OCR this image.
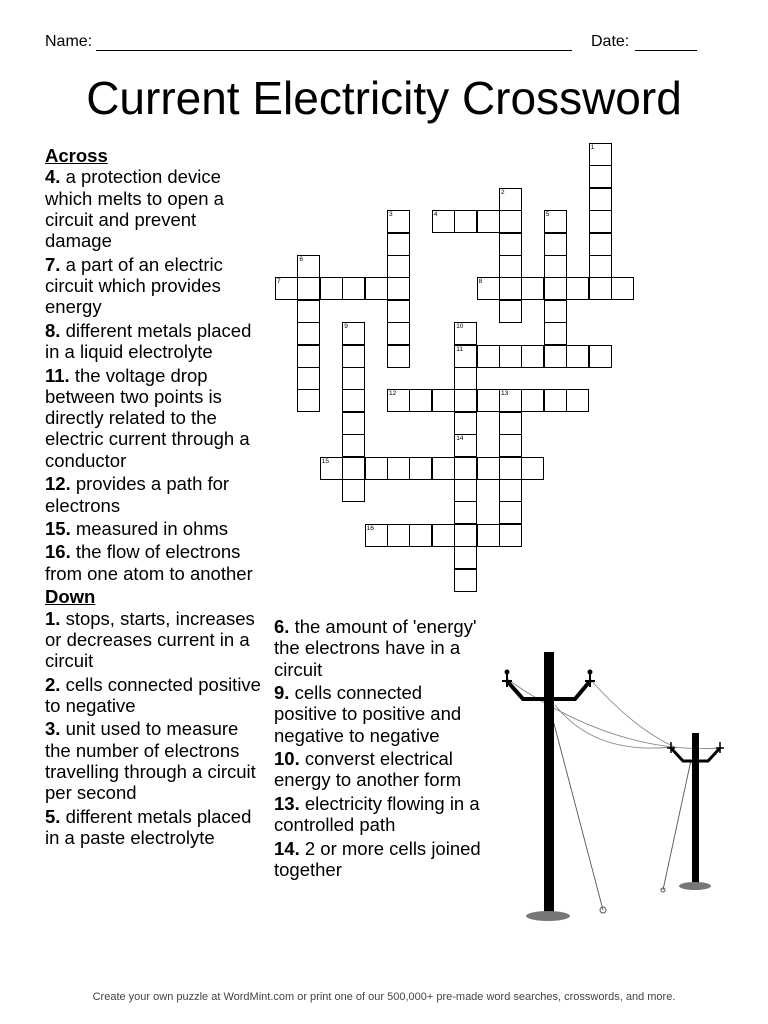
Name:	Date:
Current Electricity Crossword
Across

4. a protection device which melts to open a circuit and prevent damage

7. a part of an electric circuit which provides energy

8. different metals placed in a liquid electrolyte

11. the voltage drop between two points is directly related to the electric current through a conductor

12. provides a path for electrons

15. measured in ohms

16. the flow of electrons from one atom to another

Down

1. stops, starts, increases or decreases current in a circuit

2. cells connected positive to negative

3. unit used to measure the number of electrons travelling through a circuit per second

5. different metals placed in a paste electrolyte

6. the amount of 'energy' the electrons have in a circuit

9. cells connected positive to positive and negative to negative

10. converst electrical energy to another form

13. electricity flowing in a controlled path

14. 2 or more cells joined together

1
2
3	4	5
6
7	8
9	10
11
12	13
14
15
16
Create your own puzzle at WordMint.com or print one of our 500,000+ pre-made word searches, crosswords, and more.
